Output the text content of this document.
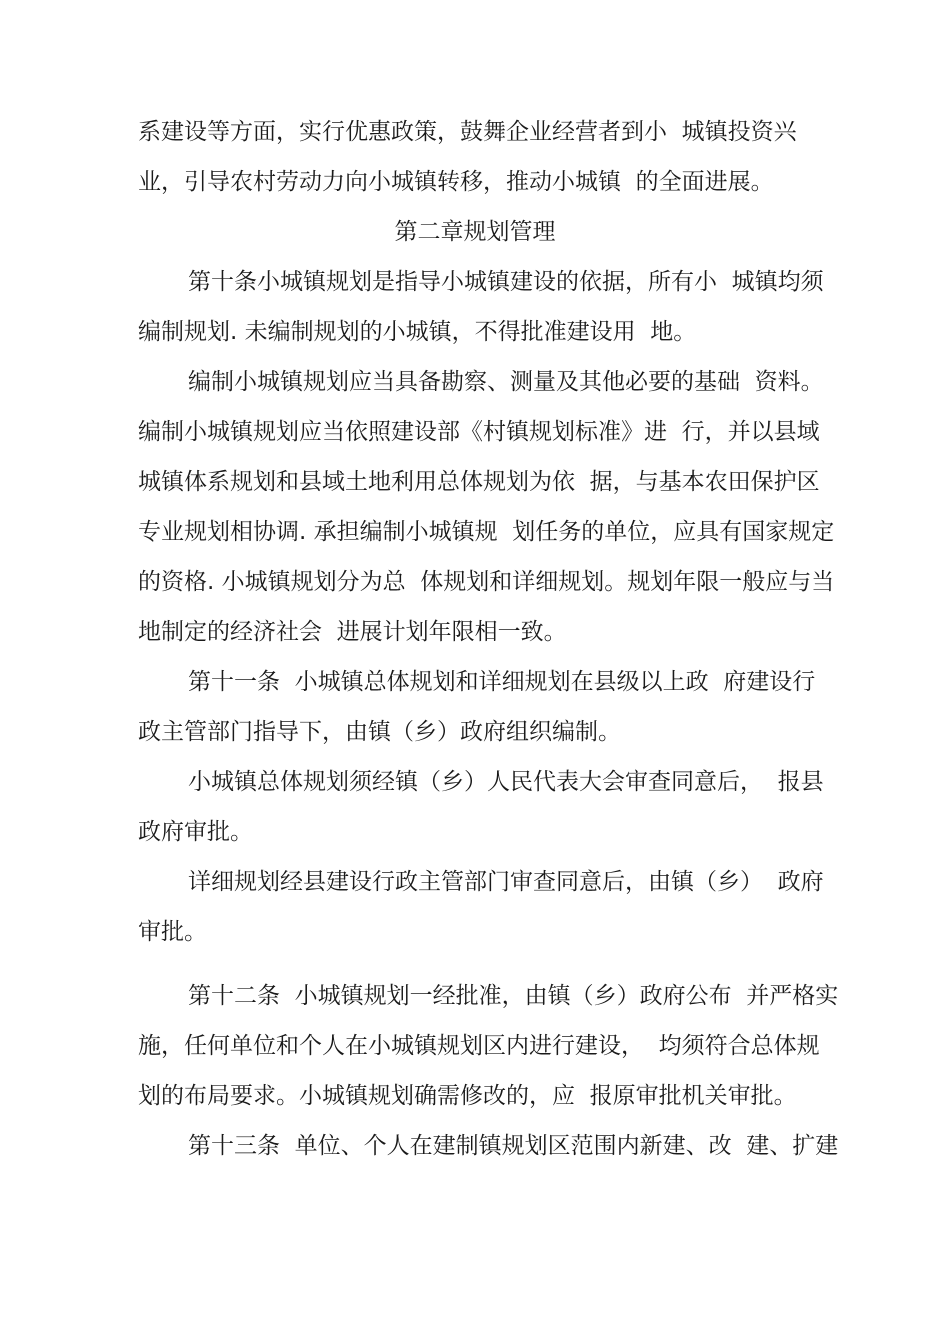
系建设等方面，实行优惠政策，鼓舞企业经营者到小  城镇投资兴
业，引导农村劳动力向小城镇转移，推动小城镇  的全面进展。
第二章规划管理
第十条小城镇规划是指导小城镇建设的依据，所有小  城镇均须
编制规划. 未编制规划的小城镇，不得批准建设用  地。
编制小城镇规划应当具备勘察、测量及其他必要的基础  资料。
编制小城镇规划应当依照建设部《村镇规划标准》进  行，并以县域
城镇体系规划和县域土地利用总体规划为依  据，与基本农田保护区
专业规划相协调. 承担编制小城镇规  划任务的单位，应具有国家规定
的资格. 小城镇规划分为总  体规划和详细规划。规划年限一般应与当
地制定的经济社会  进展计划年限相一致。
第十一条  小城镇总体规划和详细规划在县级以上政  府建设行
政主管部门指导下，由镇（乡）政府组织编制。
小城镇总体规划须经镇（乡）人民代表大会审查同意后，  报县
政府审批。
详细规划经县建设行政主管部门审查同意后，由镇（乡）  政府
审批。
第十二条  小城镇规划一经批准，由镇（乡）政府公布  并严格实
施，任何单位和个人在小城镇规划区内进行建设，  均须符合总体规
划的布局要求。小城镇规划确需修改的，应  报原审批机关审批。
第十三条  单位、个人在建制镇规划区范围内新建、改  建、扩建
